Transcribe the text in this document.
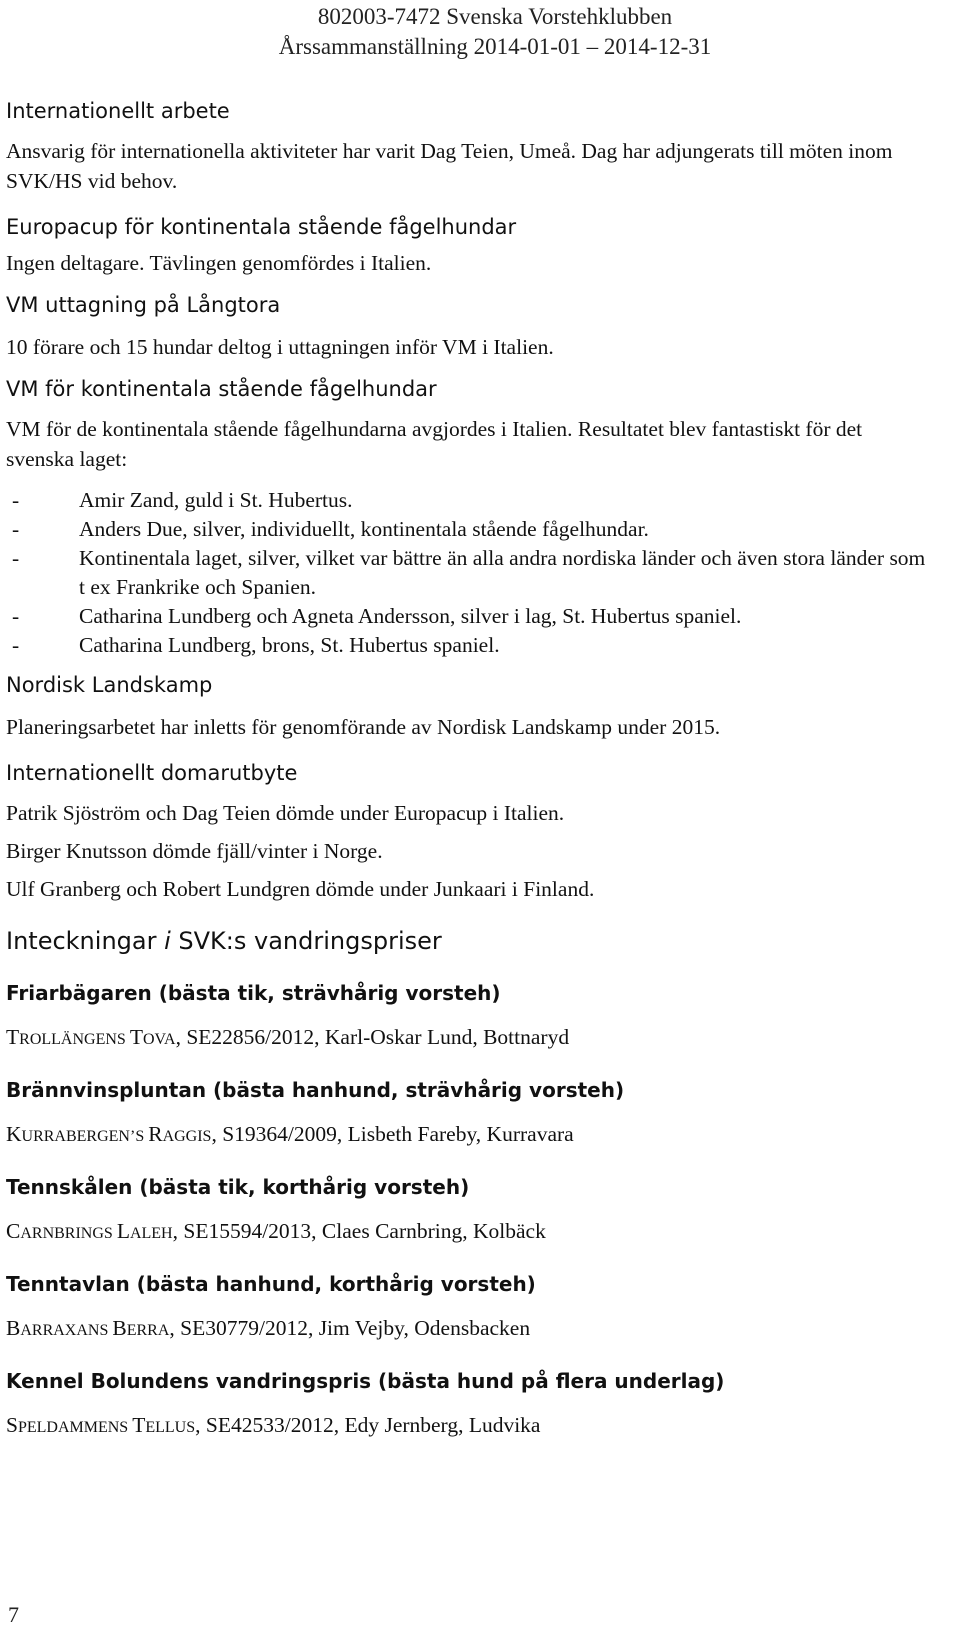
802003-7472 Svenska Vorstehklubben
Årssammanställning 2014-01-01 – 2014-12-31
Internationellt arbete

Ansvarig för internationella aktiviteter har varit Dag Teien, Umeå. Dag har adjungerats till möten inom SVK/HS vid behov.

Europacup för kontinentala stående fågelhundar

Ingen deltagare. Tävlingen genomfördes i Italien.

VM uttagning på Långtora

10 förare och 15 hundar deltog i uttagningen inför VM i Italien.

VM för kontinentala stående fågelhundar

VM för de kontinentala stående fågelhundarna avgjordes i Italien. Resultatet blev fantastiskt för det svenska laget:

- Amir Zand, guld i St. Hubertus.
- Anders Due, silver, individuellt, kontinentala stående fågelhundar.
- Kontinentala laget, silver, vilket var bättre än alla andra nordiska länder och även stora länder som t ex Frankrike och Spanien.
- Catharina Lundberg och Agneta Andersson, silver i lag, St. Hubertus spaniel.
- Catharina Lundberg, brons, St. Hubertus spaniel.
Nordisk Landskamp

Planeringsarbetet har inletts för genomförande av Nordisk Landskamp under 2015.

Internationellt domarutbyte

Patrik Sjöström och Dag Teien dömde under Europacup i Italien.

Birger Knutsson dömde fjäll/vinter i Norge.

Ulf Granberg och Robert Lundgren dömde under Junkaari i Finland.

Inteckningar i SVK:s vandringspriser
Friarbägaren (bästa tik, strävhårig vorsteh)

TROLLÄNGENS TOVA, SE22856/2012, Karl-Oskar Lund, Bottnaryd

Brännvinspluntan (bästa hanhund, strävhårig vorsteh)

KURRABERGEN’S RAGGIS, S19364/2009, Lisbeth Fareby, Kurravara

Tennskålen (bästa tik, korthårig vorsteh)

CARNBRINGS LALEH, SE15594/2013, Claes Carnbring, Kolbäck

Tenntavlan (bästa hanhund, korthårig vorsteh)

BARRAXANS BERRA, SE30779/2012, Jim Vejby, Odensbacken

Kennel Bolundens vandringspris (bästa hund på flera underlag)

SPELDAMMENS TELLUS, SE42533/2012, Edy Jernberg, Ludvika

7
